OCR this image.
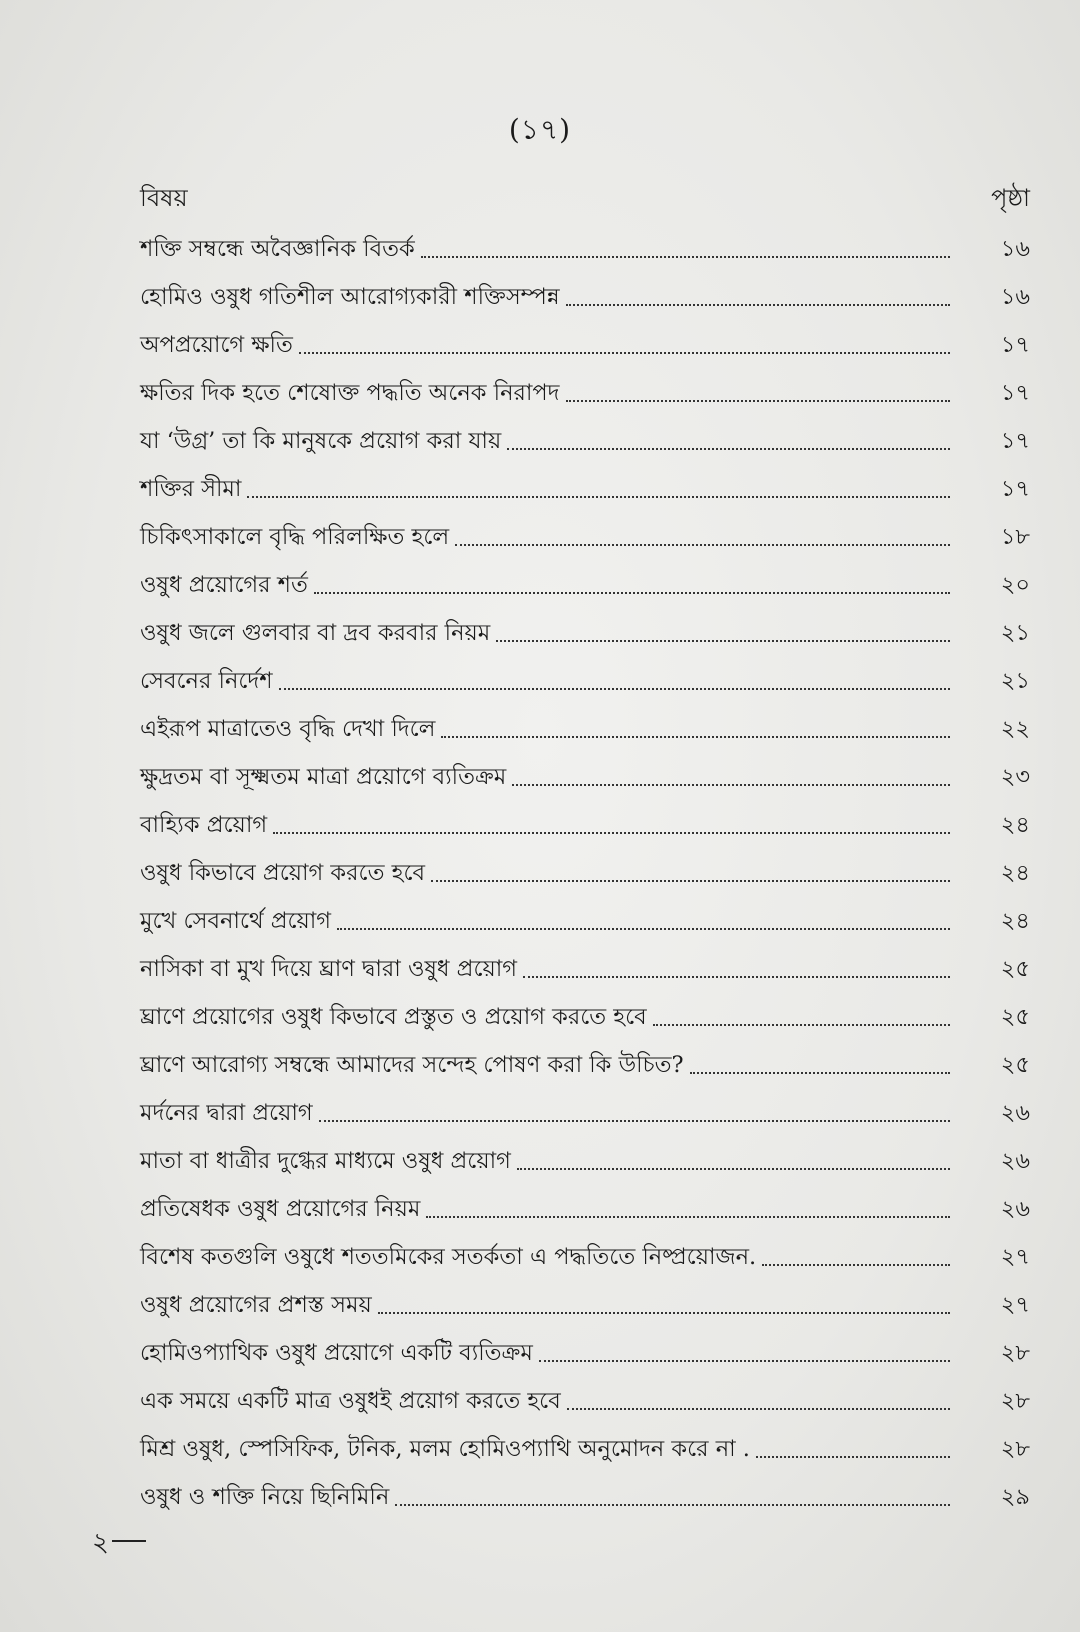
(১৭)
বিষয়	পৃষ্ঠা
শক্তি সম্বন্ধে অবৈজ্ঞানিক বিতর্ক	১৬
হোমিও ওষুধ গতিশীল আরোগ্যকারী শক্তিসম্পন্ন	১৬
অপপ্রয়োগে ক্ষতি	১৭
ক্ষতির দিক হতে শেষোক্ত পদ্ধতি অনেক নিরাপদ	১৭
যা ‘উগ্র’ তা কি মানুষকে প্রয়োগ করা যায়	১৭
শক্তির সীমা	১৭
চিকিৎসাকালে বৃদ্ধি পরিলক্ষিত হলে	১৮
ওষুধ প্রয়োগের শর্ত	২০
ওষুধ জলে গুলবার বা দ্রব করবার নিয়ম	২১
সেবনের নির্দেশ	২১
এইরূপ মাত্রাতেও বৃদ্ধি দেখা দিলে	২২
ক্ষুদ্রতম বা সূক্ষ্মতম মাত্রা প্রয়োগে ব্যতিক্রম	২৩
বাহ্যিক প্রয়োগ	২৪
ওষুধ কিভাবে প্রয়োগ করতে হবে	২৪
মুখে সেবনার্থে প্রয়োগ	২৪
নাসিকা বা মুখ দিয়ে ঘ্রাণ দ্বারা ওষুধ প্রয়োগ	২৫
ঘ্রাণে প্রয়োগের ওষুধ কিভাবে প্রস্তুত ও প্রয়োগ করতে হবে	২৫
ঘ্রাণে আরোগ্য সম্বন্ধে আমাদের সন্দেহ পোষণ করা কি উচিত?	২৫
মর্দনের দ্বারা প্রয়োগ	২৬
মাতা বা ধাত্রীর দুগ্ধের মাধ্যমে ওষুধ প্রয়োগ	২৬
প্রতিষেধক ওষুধ প্রয়োগের নিয়ম	২৬
বিশেষ কতগুলি ওষুধে শততমিকের সতর্কতা এ পদ্ধতিতে নিষ্প্রয়োজন.	২৭
ওষুধ প্রয়োগের প্রশস্ত সময়	২৭
হোমিওপ্যাথিক ওষুধ প্রয়োগে একটি ব্যতিক্রম	২৮
এক সময়ে একটি মাত্র ওষুধই প্রয়োগ করতে হবে	২৮
মিশ্র ওষুধ, স্পেসিফিক, টনিক, মলম হোমিওপ্যাথি অনুমোদন করে না .	২৮
ওষুধ ও শক্তি নিয়ে ছিনিমিনি	২৯
২
